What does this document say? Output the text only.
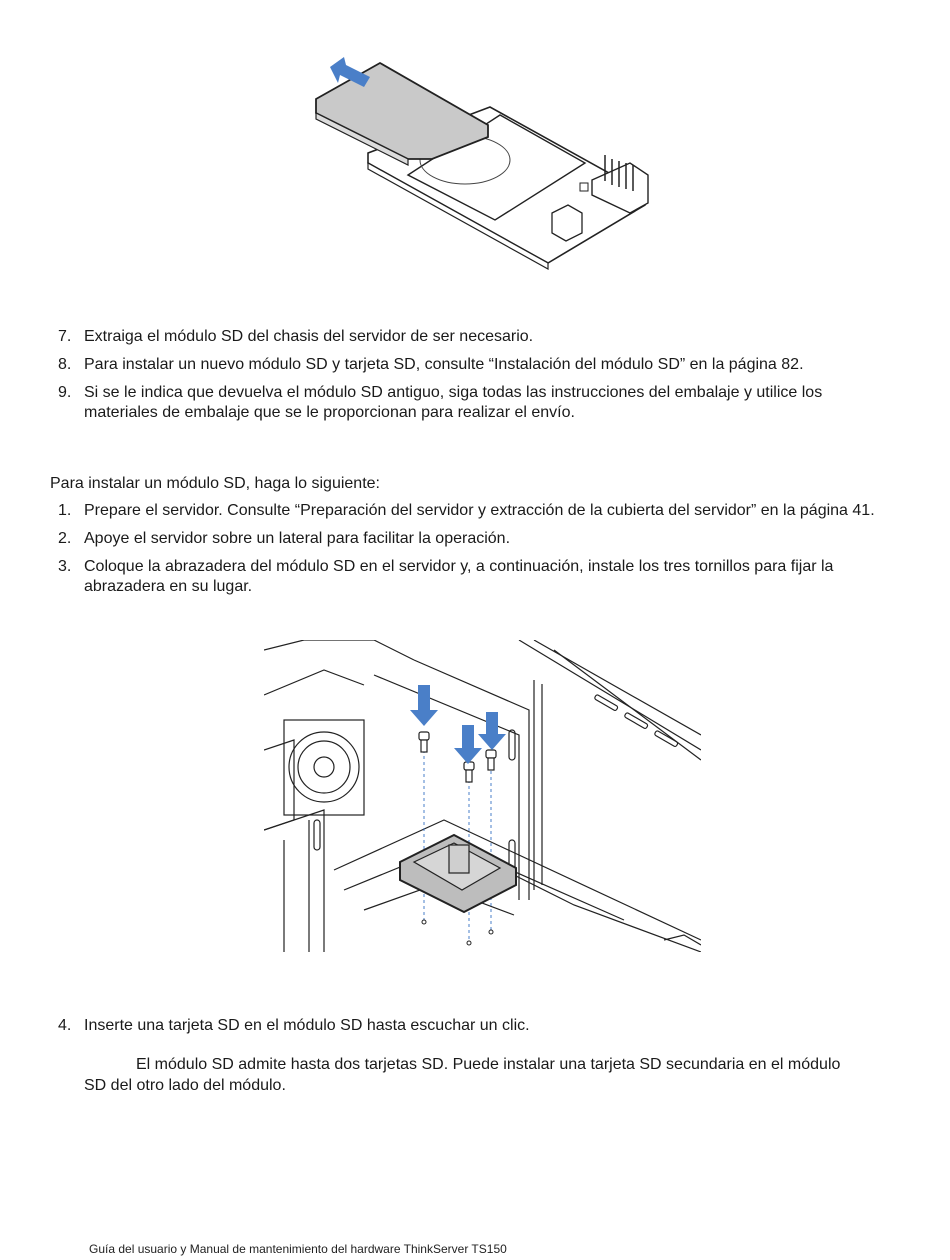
7. Extraiga el módulo SD del chasis del servidor de ser necesario.
8. Para instalar un nuevo módulo SD y tarjeta SD, consulte “Instalación del módulo SD” en la página 82.
9. Si se le indica que devuelva el módulo SD antiguo, siga todas las instrucciones del embalaje y utilice los materiales de embalaje que se le proporcionan para realizar el envío.

Para instalar un módulo SD, haga lo siguiente:

1. Prepare el servidor. Consulte “Preparación del servidor y extracción de la cubierta del servidor” en la página 41.
2. Apoye el servidor sobre un lateral para facilitar la operación.
3. Coloque la abrazadera del módulo SD en el servidor y, a continuación, instale los tres tornillos para fijar la abrazadera en su lugar.
4. Inserte una tarjeta SD en el módulo SD hasta escuchar un clic.

El módulo SD admite hasta dos tarjetas SD. Puede instalar una tarjeta SD secundaria en el módulo SD del otro lado del módulo.

Guía del usuario y Manual de mantenimiento del hardware ThinkServer TS150
